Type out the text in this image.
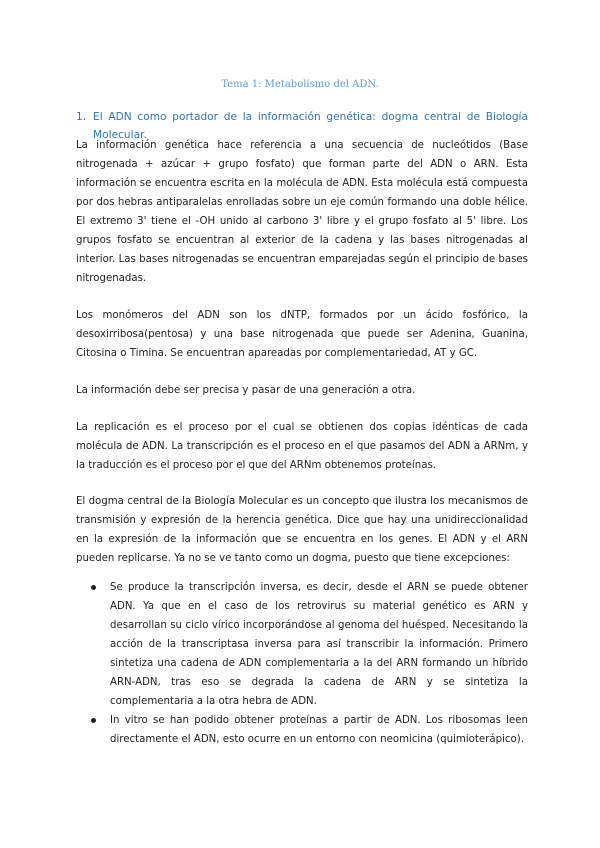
Tema 1: Metabolismo del ADN.
1. El ADN como portador de la información genética: dogma central de Biología Molecular.

La información genética hace referencia a una secuencia de nucleótidos (Base nitrogenada + azúcar + grupo fosfato) que forman parte del ADN o ARN. Esta información se encuentra escrita en la molécula de ADN. Esta molécula está compuesta por dos hebras antiparalelas enrolladas sobre un eje común formando una doble hélice. El extremo 3' tiene el -OH unido al carbono 3' libre y el grupo fosfato al 5' libre. Los grupos fosfato se encuentran al exterior de la cadena y las bases nitrogenadas al interior. Las bases nitrogenadas se encuentran emparejadas según el principio de bases nitrogenadas.

Los monómeros del ADN son los dNTP, formados por un ácido fosfórico, la desoxirribosa(pentosa) y una base nitrogenada que puede ser Adenina, Guanina, Citosina o Timina. Se encuentran apareadas por complementariedad, AT y GC.

La información debe ser precisa y pasar de una generación a otra.

La replicación es el proceso por el cual se obtienen dos copias idénticas de cada molécula de ADN. La transcripción es el proceso en el que pasamos del ADN a ARNm, y la traducción es el proceso por el que del ARNm obtenemos proteínas.

El dogma central de la Biología Molecular es un concepto que ilustra los mecanismos de transmisión y expresión de la herencia genética. Dice que hay una unidireccionalidad en la expresión de la información que se encuentra en los genes. El ADN y el ARN pueden replicarse. Ya no se ve tanto como un dogma, puesto que tiene excepciones:

Se produce la transcripción inversa, es decir, desde el ARN se puede obtener ADN. Ya que en el caso de los retrovirus su material genético es ARN y desarrollan su ciclo vírico incorporándose al genoma del huésped. Necesitando la acción de la transcriptasa inversa para así transcribir la información. Primero sintetiza una cadena de ADN complementaria a la del ARN formando un híbrido ARN-ADN, tras eso se degrada la cadena de ARN y se sintetiza la complementaria a la otra hebra de ADN.
In vitro se han podido obtener proteínas a partir de ADN. Los ribosomas leen directamente el ADN, esto ocurre en un entorno con neomicina (quimioterápico).
